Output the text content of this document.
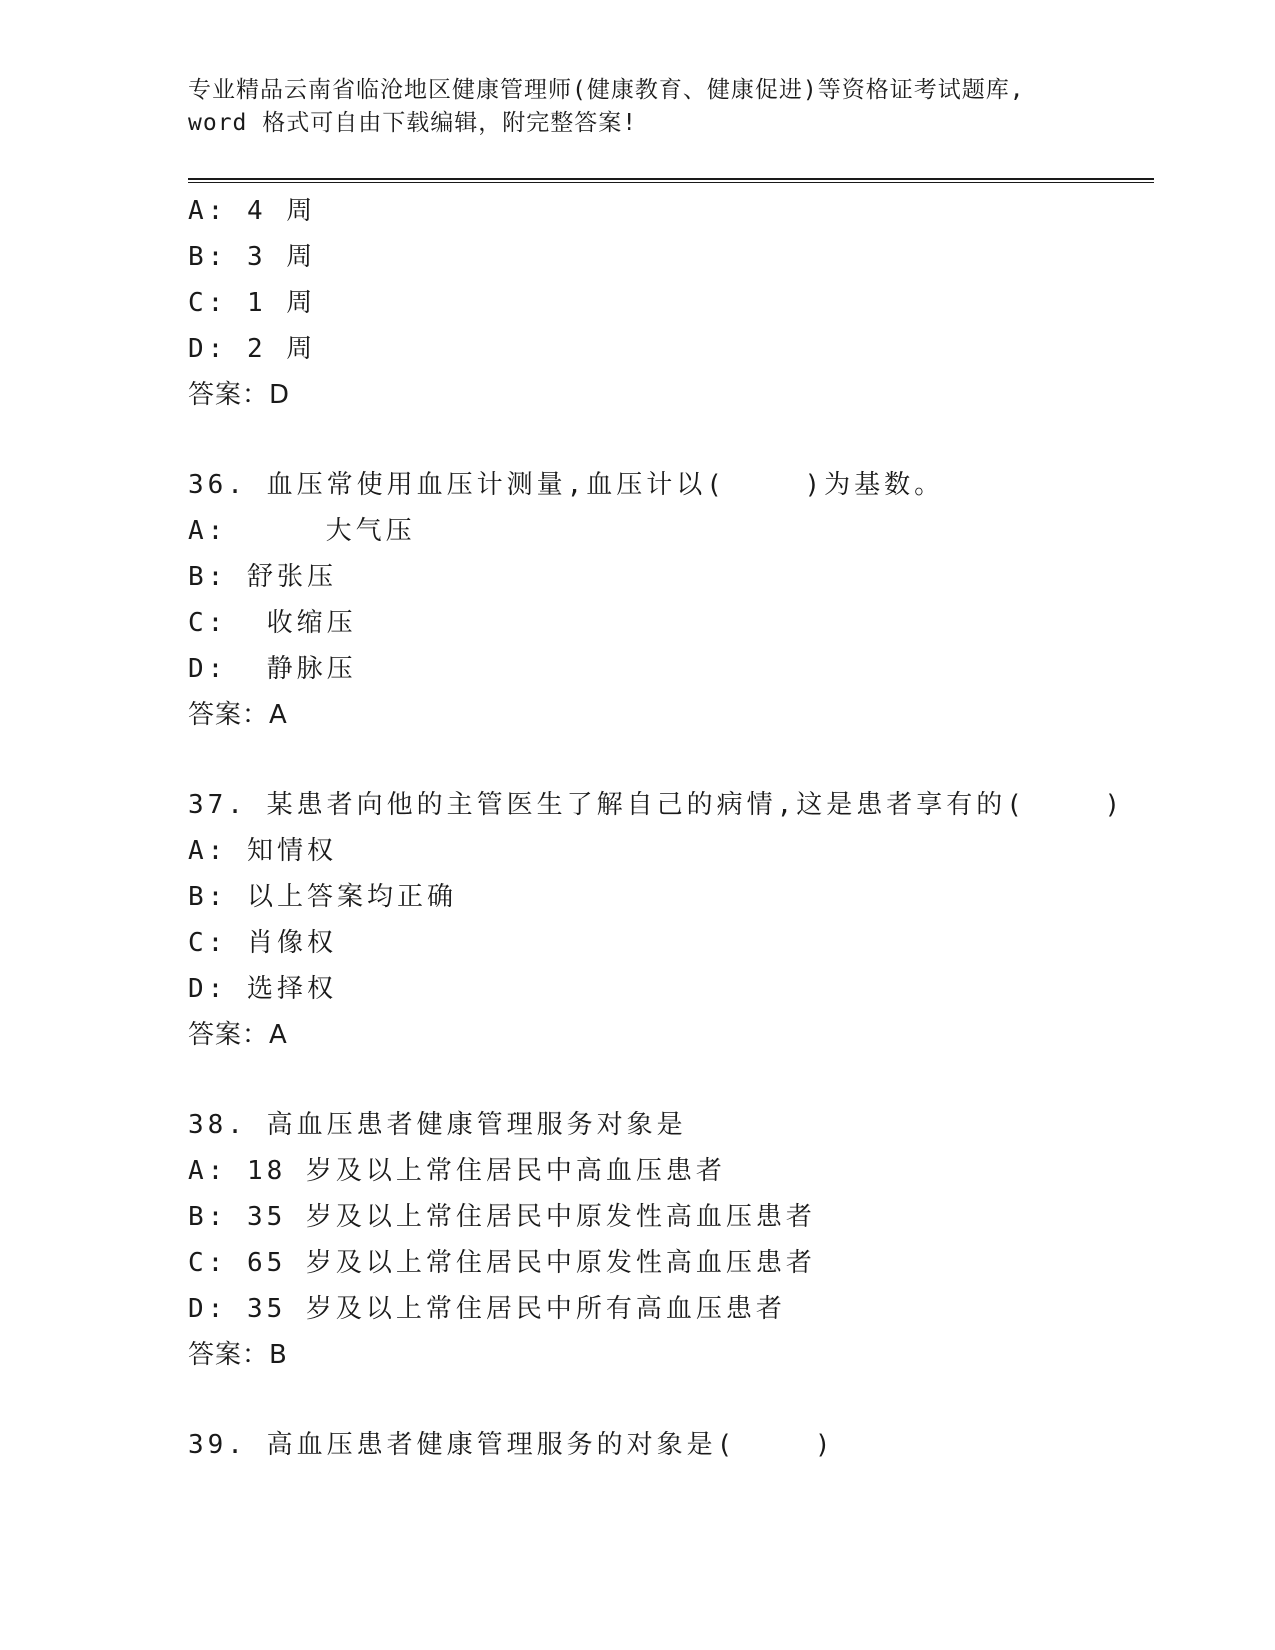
专业精品云南省临沧地区健康管理师(健康教育、健康促进)等资格证考试题库,
word 格式可自由下载编辑，附完整答案!
A: 4 周
B: 3 周
C: 1 周
D: 2 周
答案：D
36. 血压常使用血压计测量,血压计以(    )为基数。
A:     大气压
B: 舒张压
C:  收缩压
D:  静脉压
答案：A
37. 某患者向他的主管医生了解自己的病情,这是患者享有的(    )
A: 知情权
B: 以上答案均正确
C: 肖像权
D: 选择权
答案：A
38. 高血压患者健康管理服务对象是
A: 18 岁及以上常住居民中高血压患者
B: 35 岁及以上常住居民中原发性高血压患者
C: 65 岁及以上常住居民中原发性高血压患者
D: 35 岁及以上常住居民中所有高血压患者
答案：B
39. 高血压患者健康管理服务的对象是(    )
